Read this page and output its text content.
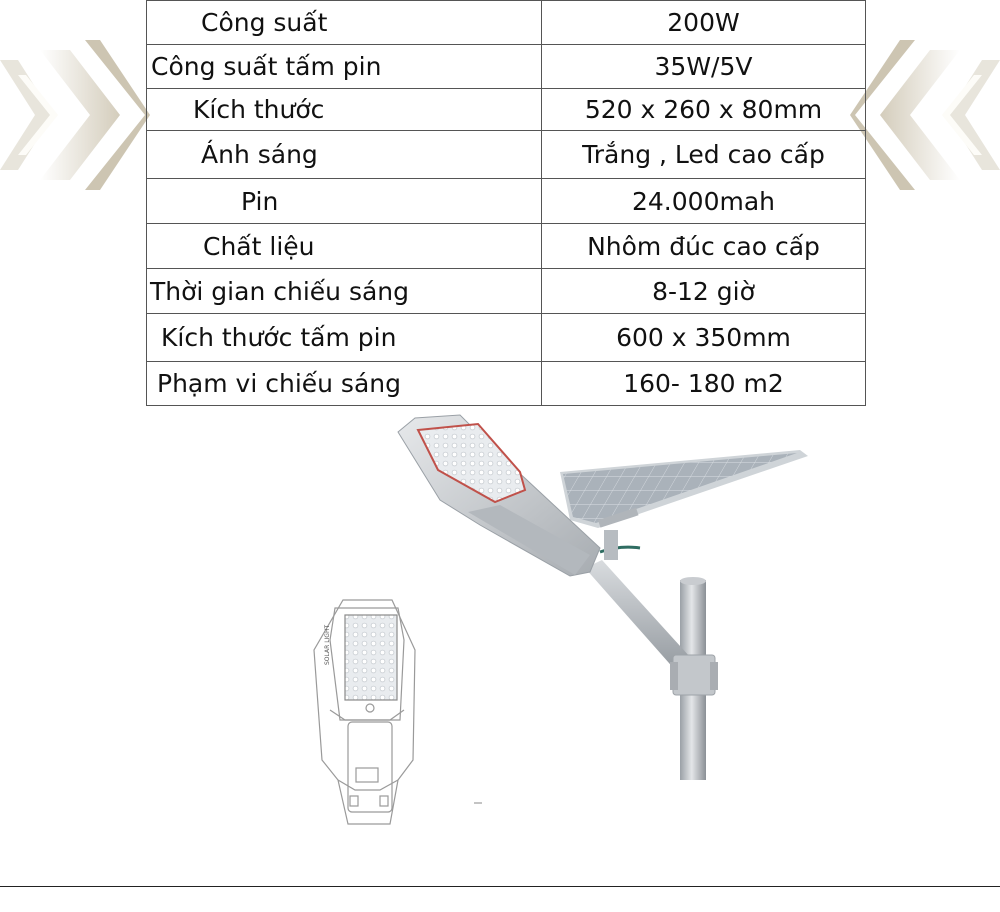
Công suất	200W
Công suất tấm pin	35W/5V
Kích thước	520 x 260 x 80mm
Ánh sáng	Trắng , Led cao cấp
Pin	24.000mah
Chất liệu	Nhôm đúc cao cấp
Thời gian chiếu sáng	8-12 giờ
Kích thước tấm pin	600 x 350mm
Phạm vi chiếu sáng	160- 180 m2
SOLAR LIGHT
